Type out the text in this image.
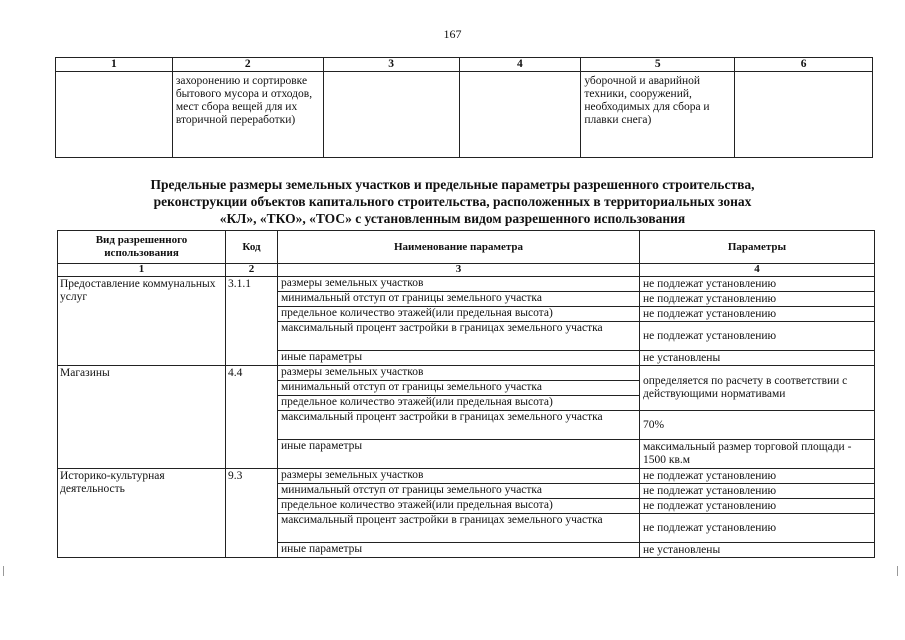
167
1	2	3	4	5	6
	захоронению и сортировке бытового мусора и отходов, мест сбора вещей для их вторичной переработки)			уборочной и аварийной техники, сооружений, необходимых для сбора и плавки снега)	
Предельные размеры земельных участков и предельные параметры разрешенного строительства,
реконструкции объектов капитального строительства, расположенных в территориальных зонах
«КЛ», «ТКО», «ТОС» с установленным видом разрешенного использования
Вид разрешенного использования	Код	Наименование параметра	Параметры
1	2	3	4
Предоставление коммунальных услуг	3.1.1	размеры земельных участков	не подлежат установлению
		минимальный отступ от границы земельного участка	не подлежат установлению
		предельное количество этажей(или предельная высота)	не подлежат установлению
		максимальный процент застройки в границах земельного участка	не подлежат установлению
		иные параметры	не установлены
Магазины	4.4	размеры земельных участков	определяется по расчету в соответствии с действующими нормативами
		минимальный отступ от границы земельного участка	
		предельное количество этажей(или предельная высота)	
		максимальный процент застройки в границах земельного участка	70%
		иные параметры	максимальный размер торговой площади - 1500 кв.м
Историко-культурная деятельность	9.3	размеры земельных участков	не подлежат установлению
		минимальный отступ от границы земельного участка	не подлежат установлению
		предельное количество этажей(или предельная высота)	не подлежат установлению
		максимальный процент застройки в границах земельного участка	не подлежат установлению
		иные параметры	не установлены
